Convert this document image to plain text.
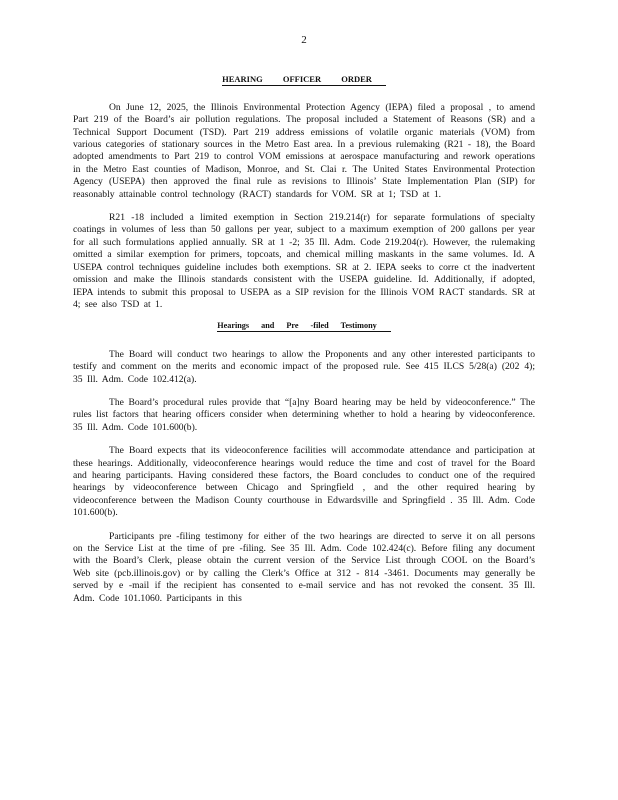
2
HEARING OFFICER ORDER

On June 12, 2025, the Illinois Environmental Protection Agency (IEPA) filed a proposal , to amend Part 219 of the Board’s air pollution regulations. The proposal included a Statement of Reasons (SR) and a Technical Support Document (TSD). Part 219 address emissions of volatile organic materials (VOM) from various categories of stationary sources in the Metro East area. In a previous rulemaking (R21 - 18), the Board adopted amendments to Part 219 to control VOM emissions at aerospace manufacturing and rework operations in the Metro East counties of Madison, Monroe, and St. Clai r. The United States Environmental Protection Agency (USEPA) then approved the final rule as revisions to Illinois’ State Implementation Plan (SIP) for reasonably attainable control technology (RACT) standards for VOM. SR at 1; TSD at 1.

R21 -18 included a limited exemption in Section 219.214(r) for separate formulations of specialty coatings in volumes of less than 50 gallons per year, subject to a maximum exemption of 200 gallons per year for all such formulations applied annually. SR at 1 -2; 35 Ill. Adm. Code 219.204(r). However, the rulemaking omitted a similar exemption for primers, topcoats, and chemical milling maskants in the same volumes. Id. A USEPA control techniques guideline includes both exemptions. SR at 2. IEPA seeks to corre ct the inadvertent omission and make the Illinois standards consistent with the USEPA guideline. Id. Additionally, if adopted, IEPA intends to submit this proposal to USEPA as a SIP revision for the Illinois VOM RACT standards. SR at 4; see also TSD at 1.

Hearings and Pre -filed Testimony

The Board will conduct two hearings to allow the Proponents and any other interested participants to testify and comment on the merits and economic impact of the proposed rule. See 415 ILCS 5/28(a) (202 4); 35 Ill. Adm. Code 102.412(a).

The Board’s procedural rules provide that “[a]ny Board hearing may be held by videoconference.” The rules list factors that hearing officers consider when determining whether to hold a hearing by videoconference. 35 Ill. Adm. Code 101.600(b).

The Board expects that its videoconference facilities will accommodate attendance and participation at these hearings. Additionally, videoconference hearings would reduce the time and cost of travel for the Board and hearing participants. Having considered these factors, the Board concludes to conduct one of the required hearings by videoconference between Chicago and Springfield , and the other required hearing by videoconference between the Madison County courthouse in Edwardsville and Springfield . 35 Ill. Adm. Code 101.600(b).

Participants pre -filing testimony for either of the two hearings are directed to serve it on all persons on the Service List at the time of pre -filing. See 35 Ill. Adm. Code 102.424(c). Before filing any document with the Board’s Clerk, please obtain the current version of the Service List through COOL on the Board’s Web site (pcb.illinois.gov) or by calling the Clerk’s Office at 312 - 814 -3461. Documents may generally be served by e -mail if the recipient has consented to e-mail service and has not revoked the consent. 35 Ill. Adm. Code 101.1060. Participants in this
